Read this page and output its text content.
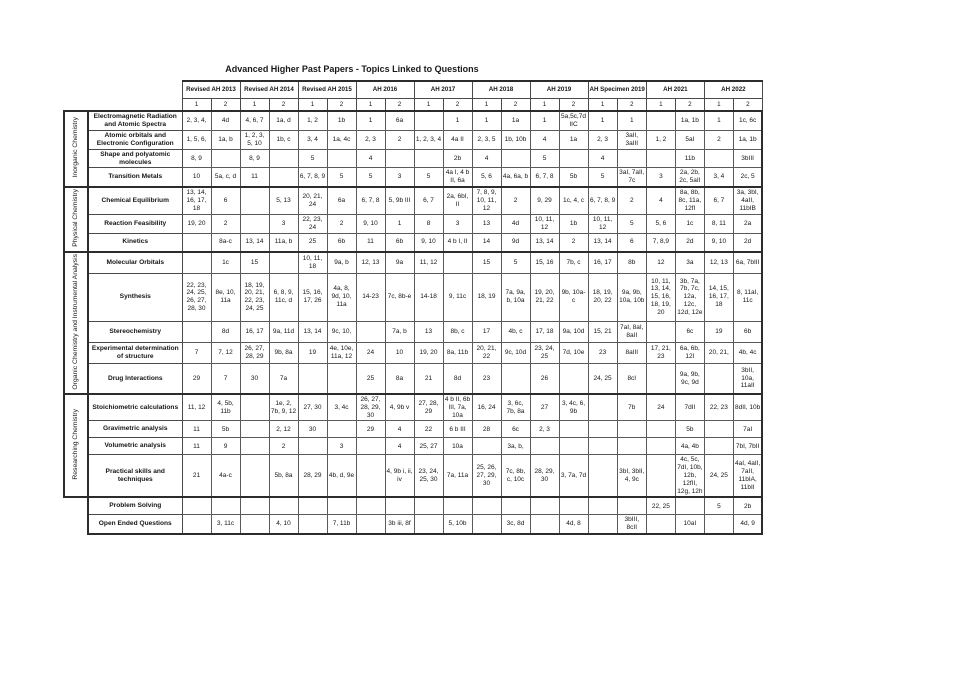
Advanced Higher Past Papers - Topics Linked to Questions
		Revised AH 2013		Revised AH 2014		Revised AH 2015		AH 2016		AH 2017		AH 2018		AH 2019		AH Specimen 2019		AH 2021		AH 2022	
		1	2	1	2	1	2	1	2	1	2	1	2	1	2	1	2	1	2	1	2
Inorganic Chemistry	Electromagnetic Radiation and Atomic Spectra	2, 3, 4,	4d	4, 6, 7	1a, d	1, 2	1b	1	6a		1	1	1a	1	5a,5c,7d IIC	1	1		1a, 1b	1	1c, 6c
	Atomic orbitals and Electronic Configuration	1, 5, 6,	1a, b	1, 2, 3, 5, 10	1b, c	3, 4	1a, 4c	2, 3	2	1, 2, 3, 4	4a II	2, 3, 5	1b, 10b	4	1a	2, 3	3aII, 3aIII	1, 2	5aI	2	1a, 1b
	Shape and polyatomic molecules	8, 9		8, 9		5		4			2b	4		5		4			11b		3bIII
	Transition Metals	10	5a, c, d	11		6, 7, 8, 9	5	5	3	5	4a I, 4 b II, 6a	5, 6	4a, 6a, b	6, 7, 8	5b	5	3aI, 7aII, 7c	3	2a, 2b, 2c, 5aII	3, 4	2c, 5
Physical Chemistry	Chemical Equilibrium	13, 14, 16, 17, 18	6		5, 13	20, 21, 24	6a	6, 7, 8	5, 9b III	6, 7	2a, 6bI, II	7, 8, 9, 10, 11, 12	2	9, 29	1c, 4, c	6, 7, 8, 9	2	4	8a, 8b, 8c, 11a, 12fI	6, 7	3a, 3bI, 4aII, 11bIB
	Reaction Feasibility	19, 20	2		3	22, 23, 24	2	9, 10	1	8	3	13	4d	10, 11, 12	1b	10, 11, 12	5	5, 6	1c	8, 11	2a
	Kinetics		8a-c	13, 14	11a, b	25	6b	11	6b	9, 10	4 b I, II	14	9d	13, 14	2	13, 14	6	7, 8,9	2d	9, 10	2d
Organic Chemistry and Instrumental Analysis	Molecular Orbitals		1c	15		10, 11, 18	9a, b	12, 13	9a	11, 12		15	5	15, 16	7b, c	16, 17	8b	12	3a	12, 13	6a, 7bIII
	Synthesis	22, 23, 24, 25, 26, 27, 28, 30	8e, 10, 11a	18, 19, 20, 21, 22, 23, 24, 25	6, 8, 9, 11c, d	15, 16, 17, 26	4a, 8, 9d, 10, 11a	14-23	7c, 8b-e	14-18	9, 11c	18, 19	7a, 9a, b, 10a	19, 20, 21, 22	9b, 10a-c	18, 19, 20, 22	9a, 9b, 10a, 10b	10, 11, 13, 14, 15, 16, 18, 19, 20	3b, 7a, 7b, 7c, 12a, 12c, 12d, 12e	14, 15, 16, 17, 18	8, 11aI, 11c
	Stereochemistry		8d	16, 17	9a, 11d	13, 14	9c, 10,		7a, b	13	8b, c	17	4b, c	17, 18	9a, 10d	15, 21	7aI, 8aI, 8aII		6c	19	6b
	Experimental determination of structure	7	7, 12	26, 27, 28, 29	9b, 8a	19	4e, 10e, 11a, 12	24	10	19, 20	8a, 11b	20, 21, 22	9c, 10d	23, 24, 25	7d, 10e	23	8aIII	17, 21, 23	6a, 6b, 12I	20, 21,	4b, 4c
	Drug Interactions	29	7	30	7a			25	8a	21	8d	23		26		24, 25	8cI		9a, 9b, 9c, 9d		3bII, 10a, 11aII
Researching Chemistry	Stoichiometric calculations	11, 12	4, 5b, 11b		1e, 2, 7b, 9, 12	27, 30	3, 4c	26, 27, 28, 29, 30	4, 9b v	27, 28, 29	4 b II, 6b III, 7a, 10a	16, 24	3, 6c, 7b, 8a	27	3, 4c, 6, 9b		7b	24	7dII	22, 23	8dII, 10b
	Gravimetric analysis	11	5b		2, 12	30		29	4	22	6 b III	28	6c	2, 3					5b		7aI
	Volumetric analysis	11	9		2		3		4	25, 27	10a		3a, b,						4a, 4b		7bI, 7bII
	Practical skills and techniques	21	4a-c		5b, 8a	28, 29	4b, d, 9e		4, 9b i, ii, iv	23, 24, 25, 30	7a, 11a	25, 26, 27, 29, 30	7c, 8b, c, 10c	28, 29, 30	3, 7a, 7d		3bI, 3bII, 4, 9c		4c, 5c, 7dI, 10b, 12b, 12fII, 12g, 12h	24, 25	4aI, 4aII, 7aII, 11bIA, 11bII
	Problem Solving																	22, 25		5	2b
	Open Ended Questions		3, 11c		4, 10		7, 11b		3b iii, 8f		5, 10b		3c, 8d		4d, 8		3bIII, 8cII		10aI		4d, 9
